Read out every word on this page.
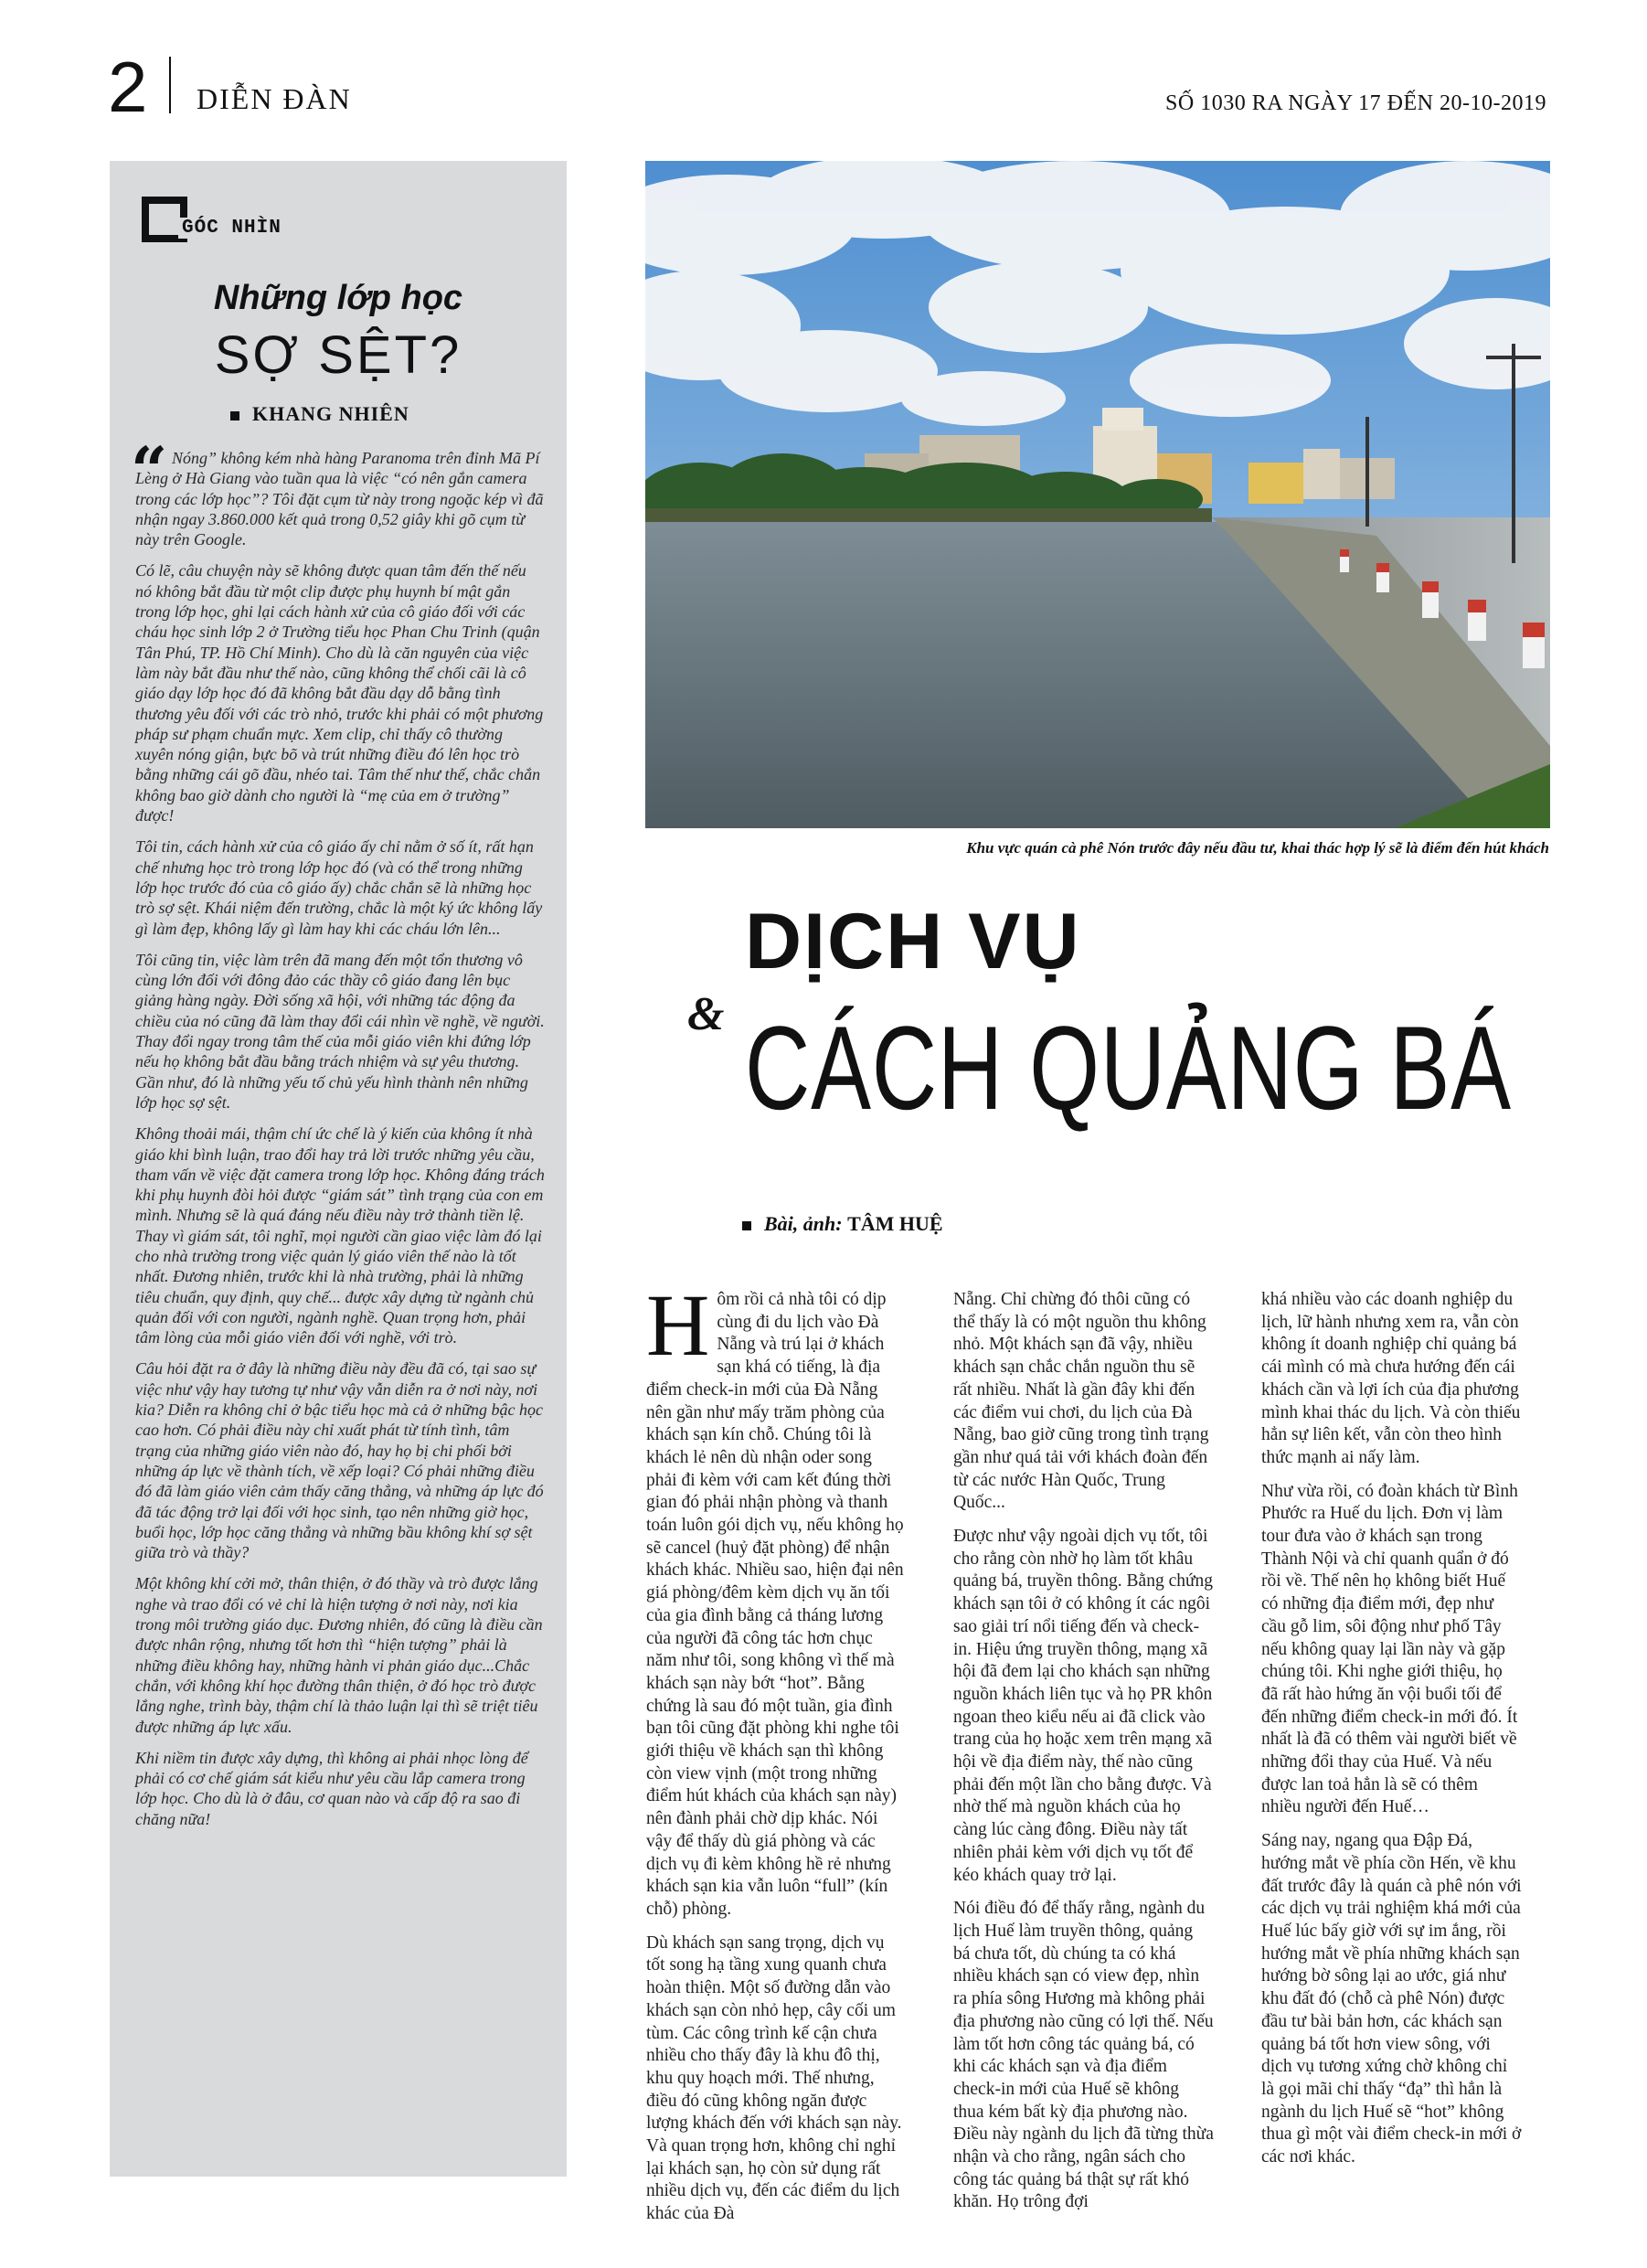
2 DIỄN ĐÀN	SỐ 1030 RA NGÀY 17 ĐẾN 20-10-2019
GÓC NHÌN
Những lớp học
SỢ SỆT?
KHANG NHIÊN
“ Nóng” không kém nhà hàng Paranoma trên đỉnh Mã Pí Lèng ở Hà Giang vào tuần qua là việc “có nên gắn camera trong các lớp học”? Tôi đặt cụm từ này trong ngoặc kép vì đã nhận ngay 3.860.000 kết quả trong 0,52 giây khi gõ cụm từ này trên Google.

Có lẽ, câu chuyện này sẽ không được quan tâm đến thế nếu nó không bắt đầu từ một clip được phụ huynh bí mật gắn trong lớp học, ghi lại cách hành xử của cô giáo đối với các cháu học sinh lớp 2 ở Trường tiểu học Phan Chu Trinh (quận Tân Phú, TP. Hồ Chí Minh). Cho dù là căn nguyên của việc làm này bắt đầu như thế nào, cũng không thể chối cãi là cô giáo dạy lớp học đó đã không bắt đầu dạy dỗ bằng tình thương yêu đối với các trò nhỏ, trước khi phải có một phương pháp sư phạm chuẩn mực. Xem clip, chỉ thấy cô thường xuyên nóng giận, bực bõ và trút những điều đó lên học trò bằng những cái gõ đầu, nhéo tai. Tâm thế như thế, chắc chắn không bao giờ dành cho người là “mẹ của em ở trường” được!

Tôi tin, cách hành xử của cô giáo ấy chỉ nằm ở số ít, rất hạn chế nhưng học trò trong lớp học đó (và có thể trong những lớp học trước đó của cô giáo ấy) chắc chắn sẽ là những học trò sợ sệt. Khái niệm đến trường, chắc là một ký ức không lấy gì làm đẹp, không lấy gì làm hay khi các cháu lớn lên...

Tôi cũng tin, việc làm trên đã mang đến một tổn thương vô cùng lớn đối với đông đảo các thầy cô giáo đang lên bục giảng hàng ngày. Đời sống xã hội, với những tác động đa chiều của nó cũng đã làm thay đổi cái nhìn về nghề, về người. Thay đổi ngay trong tâm thế của mỗi giáo viên khi đứng lớp nếu họ không bắt đầu bằng trách nhiệm và sự yêu thương. Gần như, đó là những yếu tố chủ yếu hình thành nên những lớp học sợ sệt.

Không thoải mái, thậm chí ức chế là ý kiến của không ít nhà giáo khi bình luận, trao đổi hay trả lời trước những yêu cầu, tham vấn về việc đặt camera trong lớp học. Không đáng trách khi phụ huynh đòi hỏi được “giám sát” tình trạng của con em mình. Nhưng sẽ là quá đáng nếu điều này trở thành tiền lệ. Thay vì giám sát, tôi nghĩ, mọi người cần giao việc làm đó lại cho nhà trường trong việc quản lý giáo viên thế nào là tốt nhất. Đương nhiên, trước khi là nhà trường, phải là những tiêu chuẩn, quy định, quy chế... được xây dựng từ ngành chủ quản đối với con người, ngành nghề. Quan trọng hơn, phải tâm lòng của mỗi giáo viên đối với nghề, với trò.

Câu hỏi đặt ra ở đây là những điều này đều đã có, tại sao sự việc như vậy hay tương tự như vậy vẫn diễn ra ở nơi này, nơi kia? Diễn ra không chỉ ở bậc tiểu học mà cả ở những bậc học cao hơn. Có phải điều này chỉ xuất phát từ tính tình, tâm trạng của những giáo viên nào đó, hay họ bị chi phối bởi những áp lực về thành tích, về xếp loại? Có phải những điều đó đã làm giáo viên cảm thấy căng thẳng, và những áp lực đó đã tác động trở lại đối với học sinh, tạo nên những giờ học, buổi học, lớp học căng thẳng và những bầu không khí sợ sệt giữa trò và thầy?

Một không khí cởi mở, thân thiện, ở đó thầy và trò được lắng nghe và trao đổi có vẻ chỉ là hiện tượng ở nơi này, nơi kia trong môi trường giáo dục. Đương nhiên, đó cũng là điều cần được nhân rộng, nhưng tốt hơn thì “hiện tượng” phải là những điều không hay, những hành vi phản giáo dục...Chắc chắn, với không khí học đường thân thiện, ở đó học trò được lắng nghe, trình bày, thậm chí là thảo luận lại thì sẽ triệt tiêu được những áp lực xấu.

Khi niềm tin được xây dựng, thì không ai phải nhọc lòng để phải có cơ chế giám sát kiểu như yêu cầu lắp camera trong lớp học. Cho dù là ở đâu, cơ quan nào và cấp độ ra sao đi chăng nữa!

Khu vực quán cà phê Nón trước đây nếu đầu tư, khai thác hợp lý sẽ là điểm đến hút khách
DỊCH VỤ
& CÁCH QUẢNG BÁ
Bài, ảnh: TÂM HUỆ

Hôm rồi cả nhà tôi có dịp cùng đi du lịch vào Đà Nẵng và trú lại ở khách sạn khá có tiếng, là địa điểm check-in mới của Đà Nẵng nên gần như mấy trăm phòng của khách sạn kín chỗ. Chúng tôi là khách lẻ nên dù nhận oder song phải đi kèm với cam kết đúng thời gian đó phải nhận phòng và thanh toán luôn gói dịch vụ, nếu không họ sẽ cancel (huỷ đặt phòng) để nhận khách khác. Nhiều sao, hiện đại nên giá phòng/đêm kèm dịch vụ ăn tối của gia đình bằng cả tháng lương của người đã công tác hơn chục năm như tôi, song không vì thế mà khách sạn này bớt “hot”. Bằng chứng là sau đó một tuần, gia đình bạn tôi cũng đặt phòng khi nghe tôi giới thiệu về khách sạn thì không còn view vịnh (một trong những điểm hút khách của khách sạn này) nên đành phải chờ dịp khác. Nói vậy để thấy dù giá phòng và các dịch vụ đi kèm không hề rẻ nhưng khách sạn kia vẫn luôn “full” (kín chỗ) phòng.

Dù khách sạn sang trọng, dịch vụ tốt song hạ tầng xung quanh chưa hoàn thiện. Một số đường dẫn vào khách sạn còn nhỏ hẹp, cây cối um tùm. Các công trình kế cận chưa nhiều cho thấy đây là khu đô thị, khu quy hoạch mới. Thế nhưng, điều đó cũng không ngăn được lượng khách đến với khách sạn này. Và quan trọng hơn, không chỉ nghỉ lại khách sạn, họ còn sử dụng rất nhiều dịch vụ, đến các điểm du lịch khác của Đà

Nẵng. Chỉ chừng đó thôi cũng có thể thấy là có một nguồn thu không nhỏ. Một khách sạn đã vậy, nhiều khách sạn chắc chắn nguồn thu sẽ rất nhiều. Nhất là gần đây khi đến các điểm vui chơi, du lịch của Đà Nẵng, bao giờ cũng trong tình trạng gần như quá tải với khách đoàn đến từ các nước Hàn Quốc, Trung Quốc...

Được như vậy ngoài dịch vụ tốt, tôi cho rằng còn nhờ họ làm tốt khâu quảng bá, truyền thông. Bằng chứng khách sạn tôi ở có không ít các ngôi sao giải trí nổi tiếng đến và check-in. Hiệu ứng truyền thông, mạng xã hội đã đem lại cho khách sạn những nguồn khách liên tục và họ PR khôn ngoan theo kiểu nếu ai đã click vào trang của họ hoặc xem trên mạng xã hội về địa điểm này, thế nào cũng phải đến một lần cho bằng được. Và nhờ thế mà nguồn khách của họ càng lúc càng đông. Điều này tất nhiên phải kèm với dịch vụ tốt để kéo khách quay trở lại.

Nói điều đó để thấy rằng, ngành du lịch Huế làm truyền thông, quảng bá chưa tốt, dù chúng ta có khá nhiều khách sạn có view đẹp, nhìn ra phía sông Hương mà không phải địa phương nào cũng có lợi thế. Nếu làm tốt hơn công tác quảng bá, có khi các khách sạn và địa điểm check-in mới của Huế sẽ không thua kém bất kỳ địa phương nào. Điều này ngành du lịch đã từng thừa nhận và cho rằng, ngân sách cho công tác quảng bá thật sự rất khó khăn. Họ trông đợi

khá nhiều vào các doanh nghiệp du lịch, lữ hành nhưng xem ra, vẫn còn không ít doanh nghiệp chỉ quảng bá cái mình có mà chưa hướng đến cái khách cần và lợi ích của địa phương mình khai thác du lịch. Và còn thiếu hẳn sự liên kết, vẫn còn theo hình thức mạnh ai nấy làm.

Như vừa rồi, có đoàn khách từ Bình Phước ra Huế du lịch. Đơn vị làm tour đưa vào ở khách sạn trong Thành Nội và chỉ quanh quẩn ở đó rồi về. Thế nên họ không biết Huế có những địa điểm mới, đẹp như cầu gỗ lim, sôi động như phố Tây nếu không quay lại lần này và gặp chúng tôi. Khi nghe giới thiệu, họ đã rất hào hứng ăn vội buổi tối để đến những điểm check-in mới đó. Ít nhất là đã có thêm vài người biết về những đổi thay của Huế. Và nếu được lan toả hẳn là sẽ có thêm nhiều người đến Huế…

Sáng nay, ngang qua Đập Đá, hướng mắt về phía cồn Hến, về khu đất trước đây là quán cà phê nón với các dịch vụ trải nghiệm khá mới của Huế lúc bấy giờ với sự im ắng, rồi hướng mắt về phía những khách sạn hướng bờ sông lại ao ước, giá như khu đất đó (chỗ cà phê Nón) được đầu tư bài bản hơn, các khách sạn quảng bá tốt hơn view sông, với dịch vụ tương xứng chờ không chỉ là gọi mãi chỉ thấy “đạ” thì hẳn là ngành du lịch Huế sẽ “hot” không thua gì một vài điểm check-in mới ở các nơi khác.
